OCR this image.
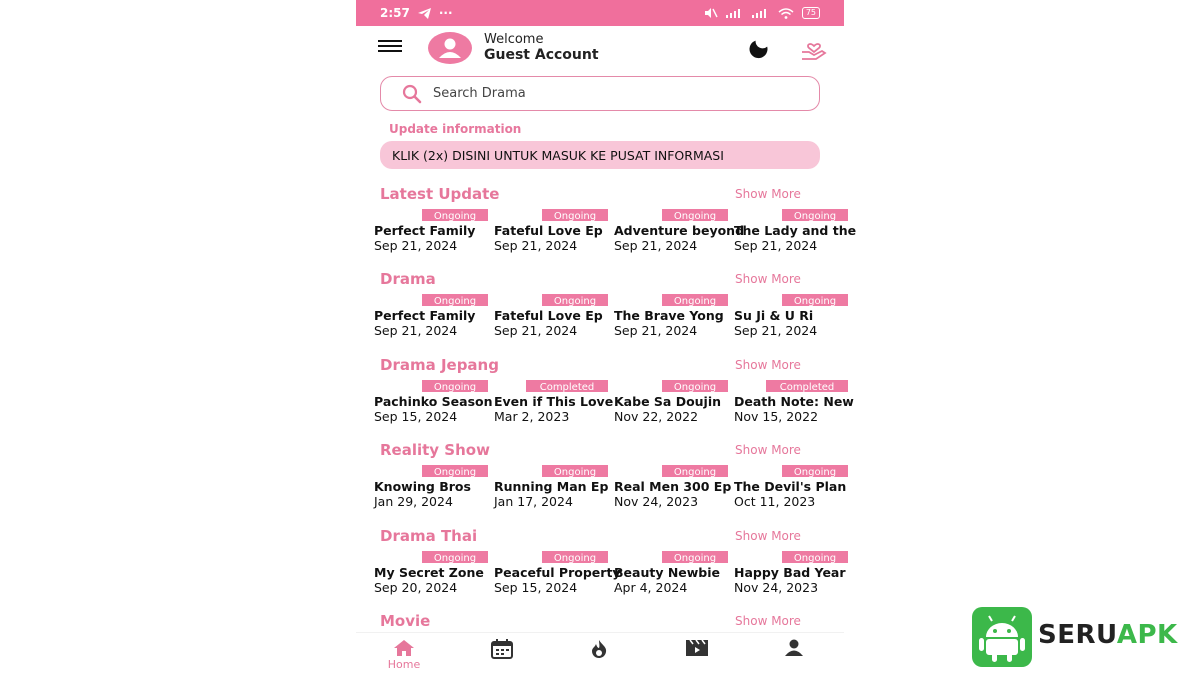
2:57 ···	75
Welcome
Guest Account
Search Drama
Update information
KLIK (2x) DISINI UNTUK MASUK KE PUSAT INFORMASI
Latest Update	Show More
Ongoing
Perfect Family
Sep 21, 2024
Ongoing
Fateful Love Ep
Sep 21, 2024
Ongoing
Adventure beyond
Sep 21, 2024
Ongoing
The Lady and the
Sep 21, 2024
Drama	Show More
Ongoing
Perfect Family
Sep 21, 2024
Ongoing
Fateful Love Ep
Sep 21, 2024
Ongoing
The Brave Yong
Sep 21, 2024
Ongoing
Su Ji & U Ri
Sep 21, 2024
Drama Jepang	Show More
Ongoing
Pachinko Season
Sep 15, 2024
Completed
Even if This Love
Mar 2, 2023
Ongoing
Kabe Sa Doujin
Nov 22, 2022
Completed
Death Note: New
Nov 15, 2022
Reality Show	Show More
Ongoing
Knowing Bros
Jan 29, 2024
Ongoing
Running Man Ep
Jan 17, 2024
Ongoing
Real Men 300 Ep
Nov 24, 2023
Ongoing
The Devil's Plan
Oct 11, 2023
Drama Thai	Show More
Ongoing
My Secret Zone
Sep 20, 2024
Ongoing
Peaceful Property
Sep 15, 2024
Ongoing
Beauty Newbie
Apr 4, 2024
Ongoing
Happy Bad Year
Nov 24, 2023
Movie	Show More
Home
SERUAPK
